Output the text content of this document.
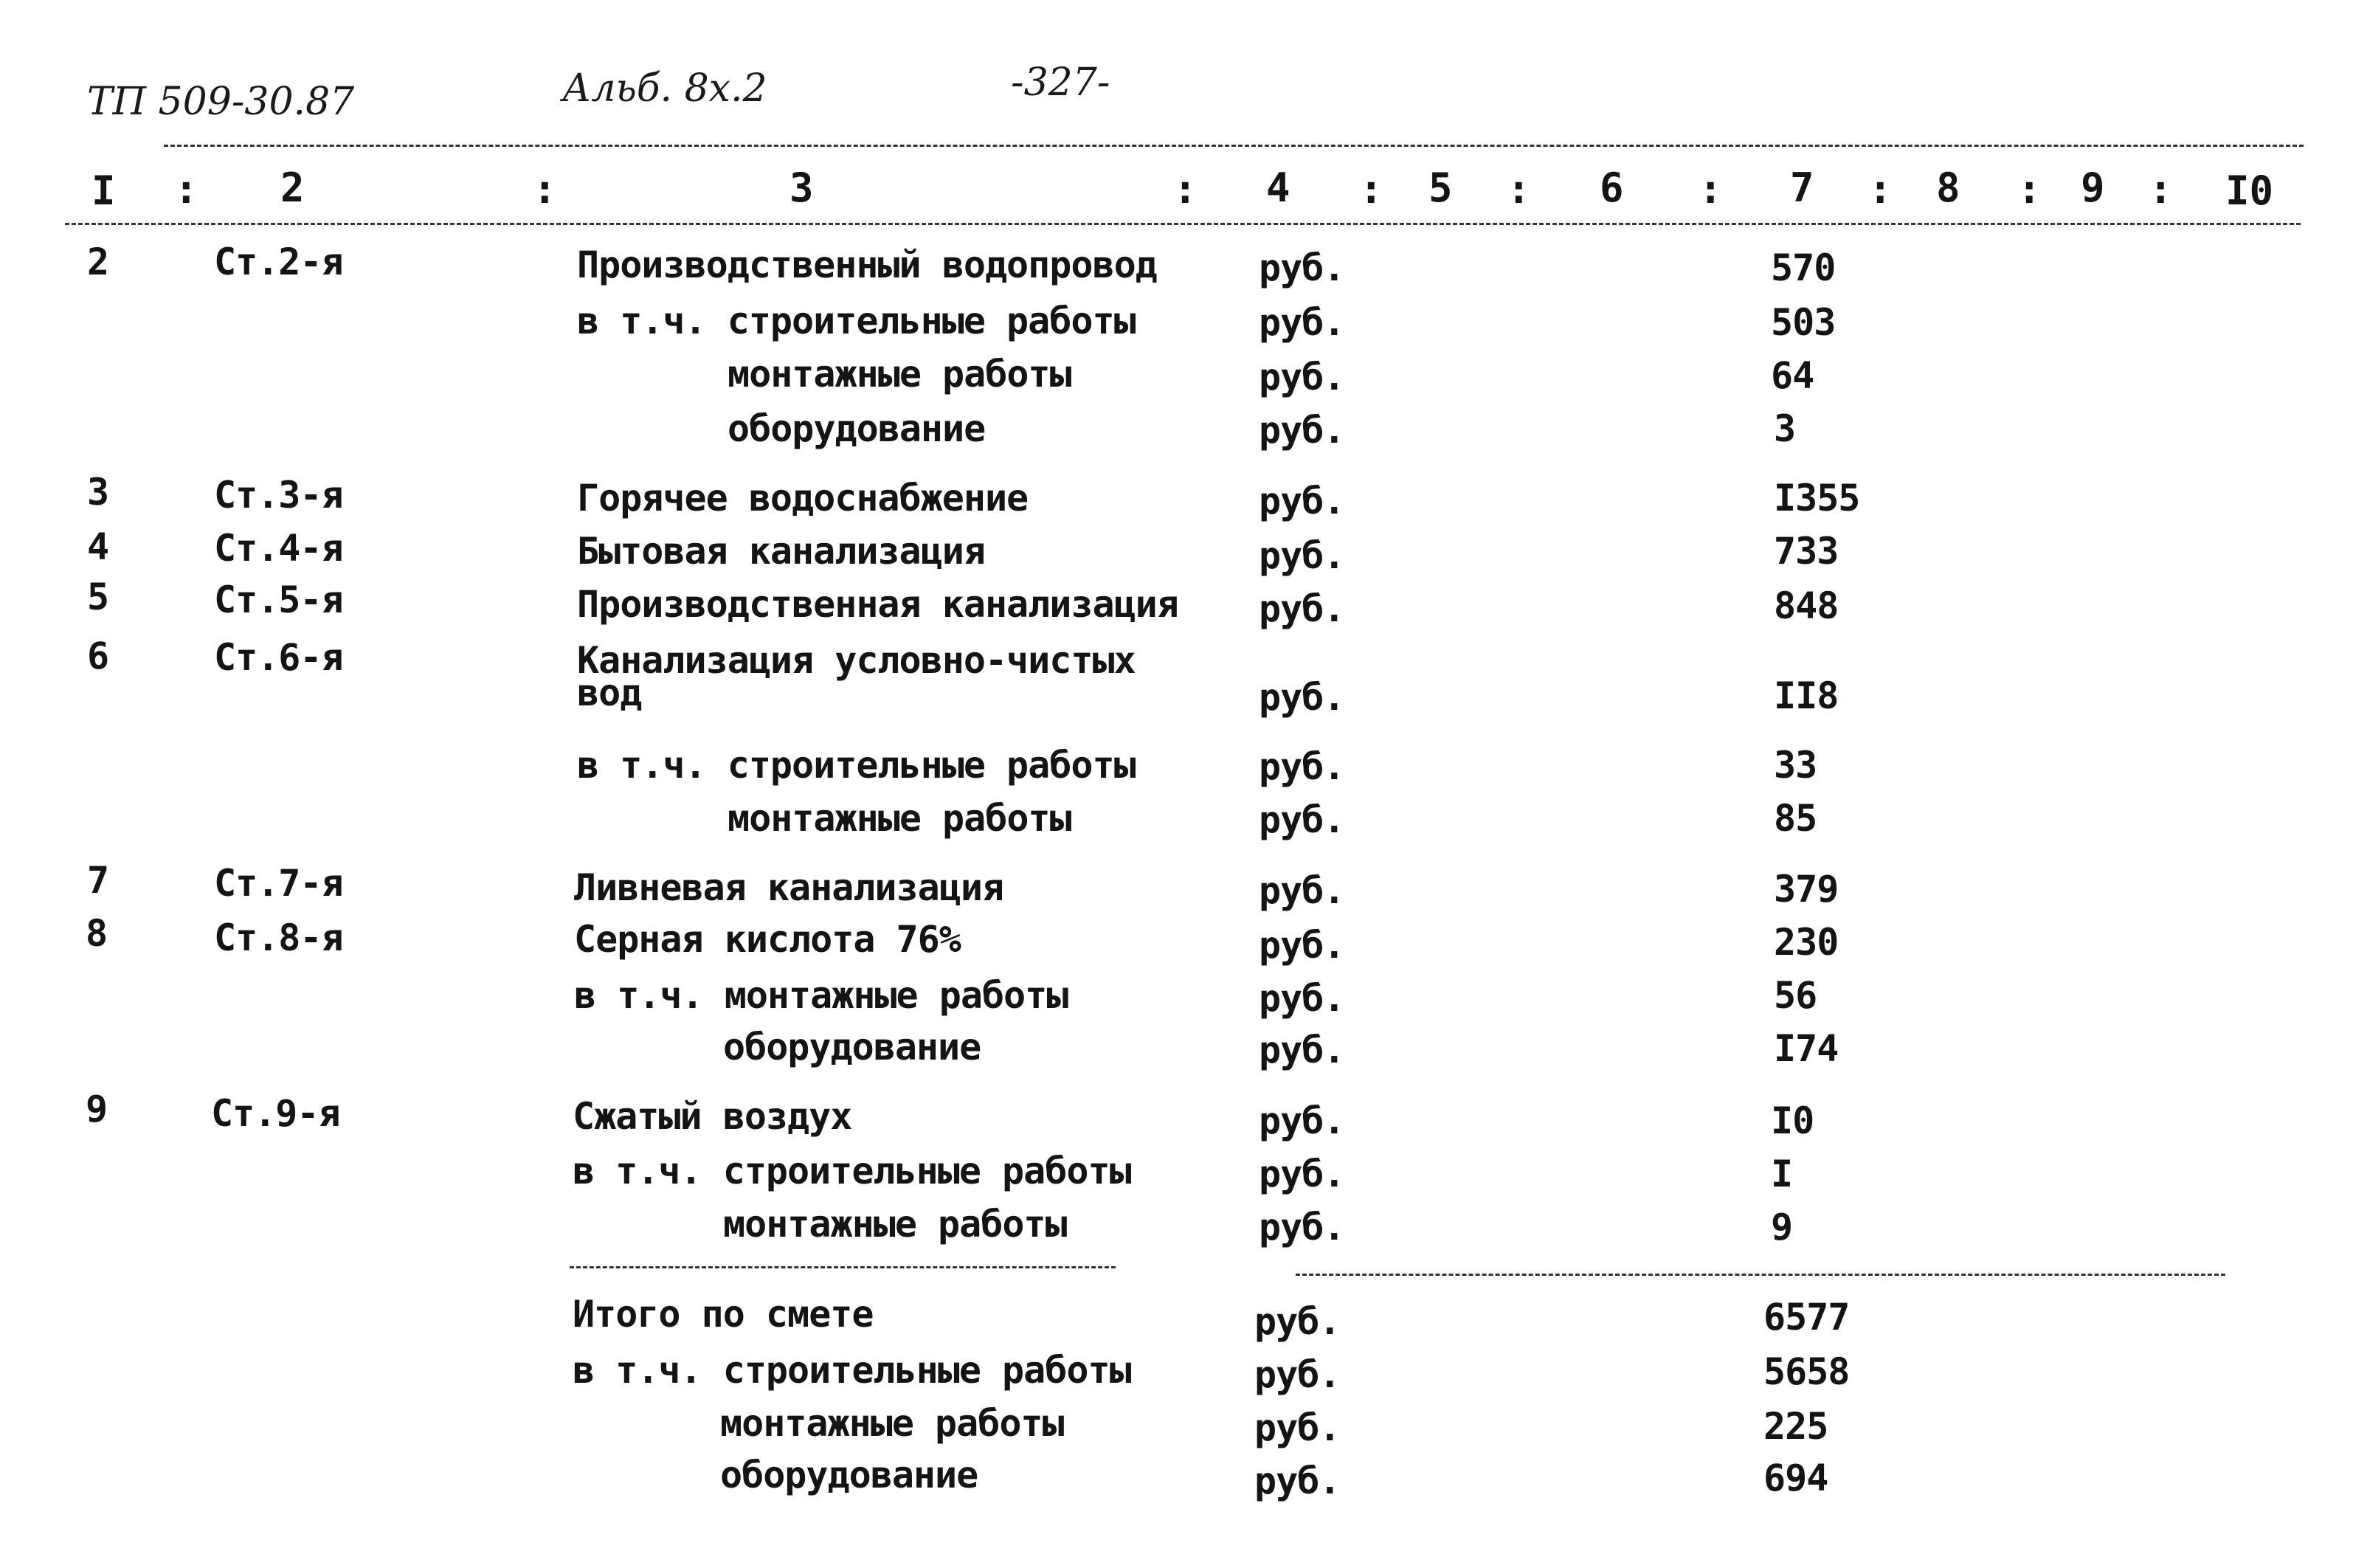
ТП 509-30.87	Альб. 8х.2	-327-
I	2	3	4	5	6	7	8	9	I0
:	:	:	:	:	:	:	:	:
2	Ст.2-я	Производственный водопровод	руб.	570
в т.ч. строительные работы	руб.	503
монтажные работы	руб.	64
оборудование	руб.	3
3	Ст.3-я	Горячее водоснабжение	руб.	I355
4	Ст.4-я	Бытовая канализация	руб.	733
5	Ст.5-я	Производственная канализация руб.	848
6	Ст.6-я	Канализация условно-чистых
вод	руб.	II8
в т.ч. строительные работы	руб.	33
монтажные работы	руб.	85
7	Ст.7-я	Ливневая канализация	руб.	379
8	Ст.8-я	Серная кислота 76%	руб.	230
в т.ч. монтажные работы	руб.	56
оборудование	руб.	I74
9	Ст.9-я	Сжатый воздух	руб.	I0
в т.ч. строительные работы	руб.	I
монтажные работы	руб.	9
Итого по смете	руб.	6577
в т.ч. строительные работы	руб.	5658
монтажные работы	руб.	225
оборудование	руб.	694
